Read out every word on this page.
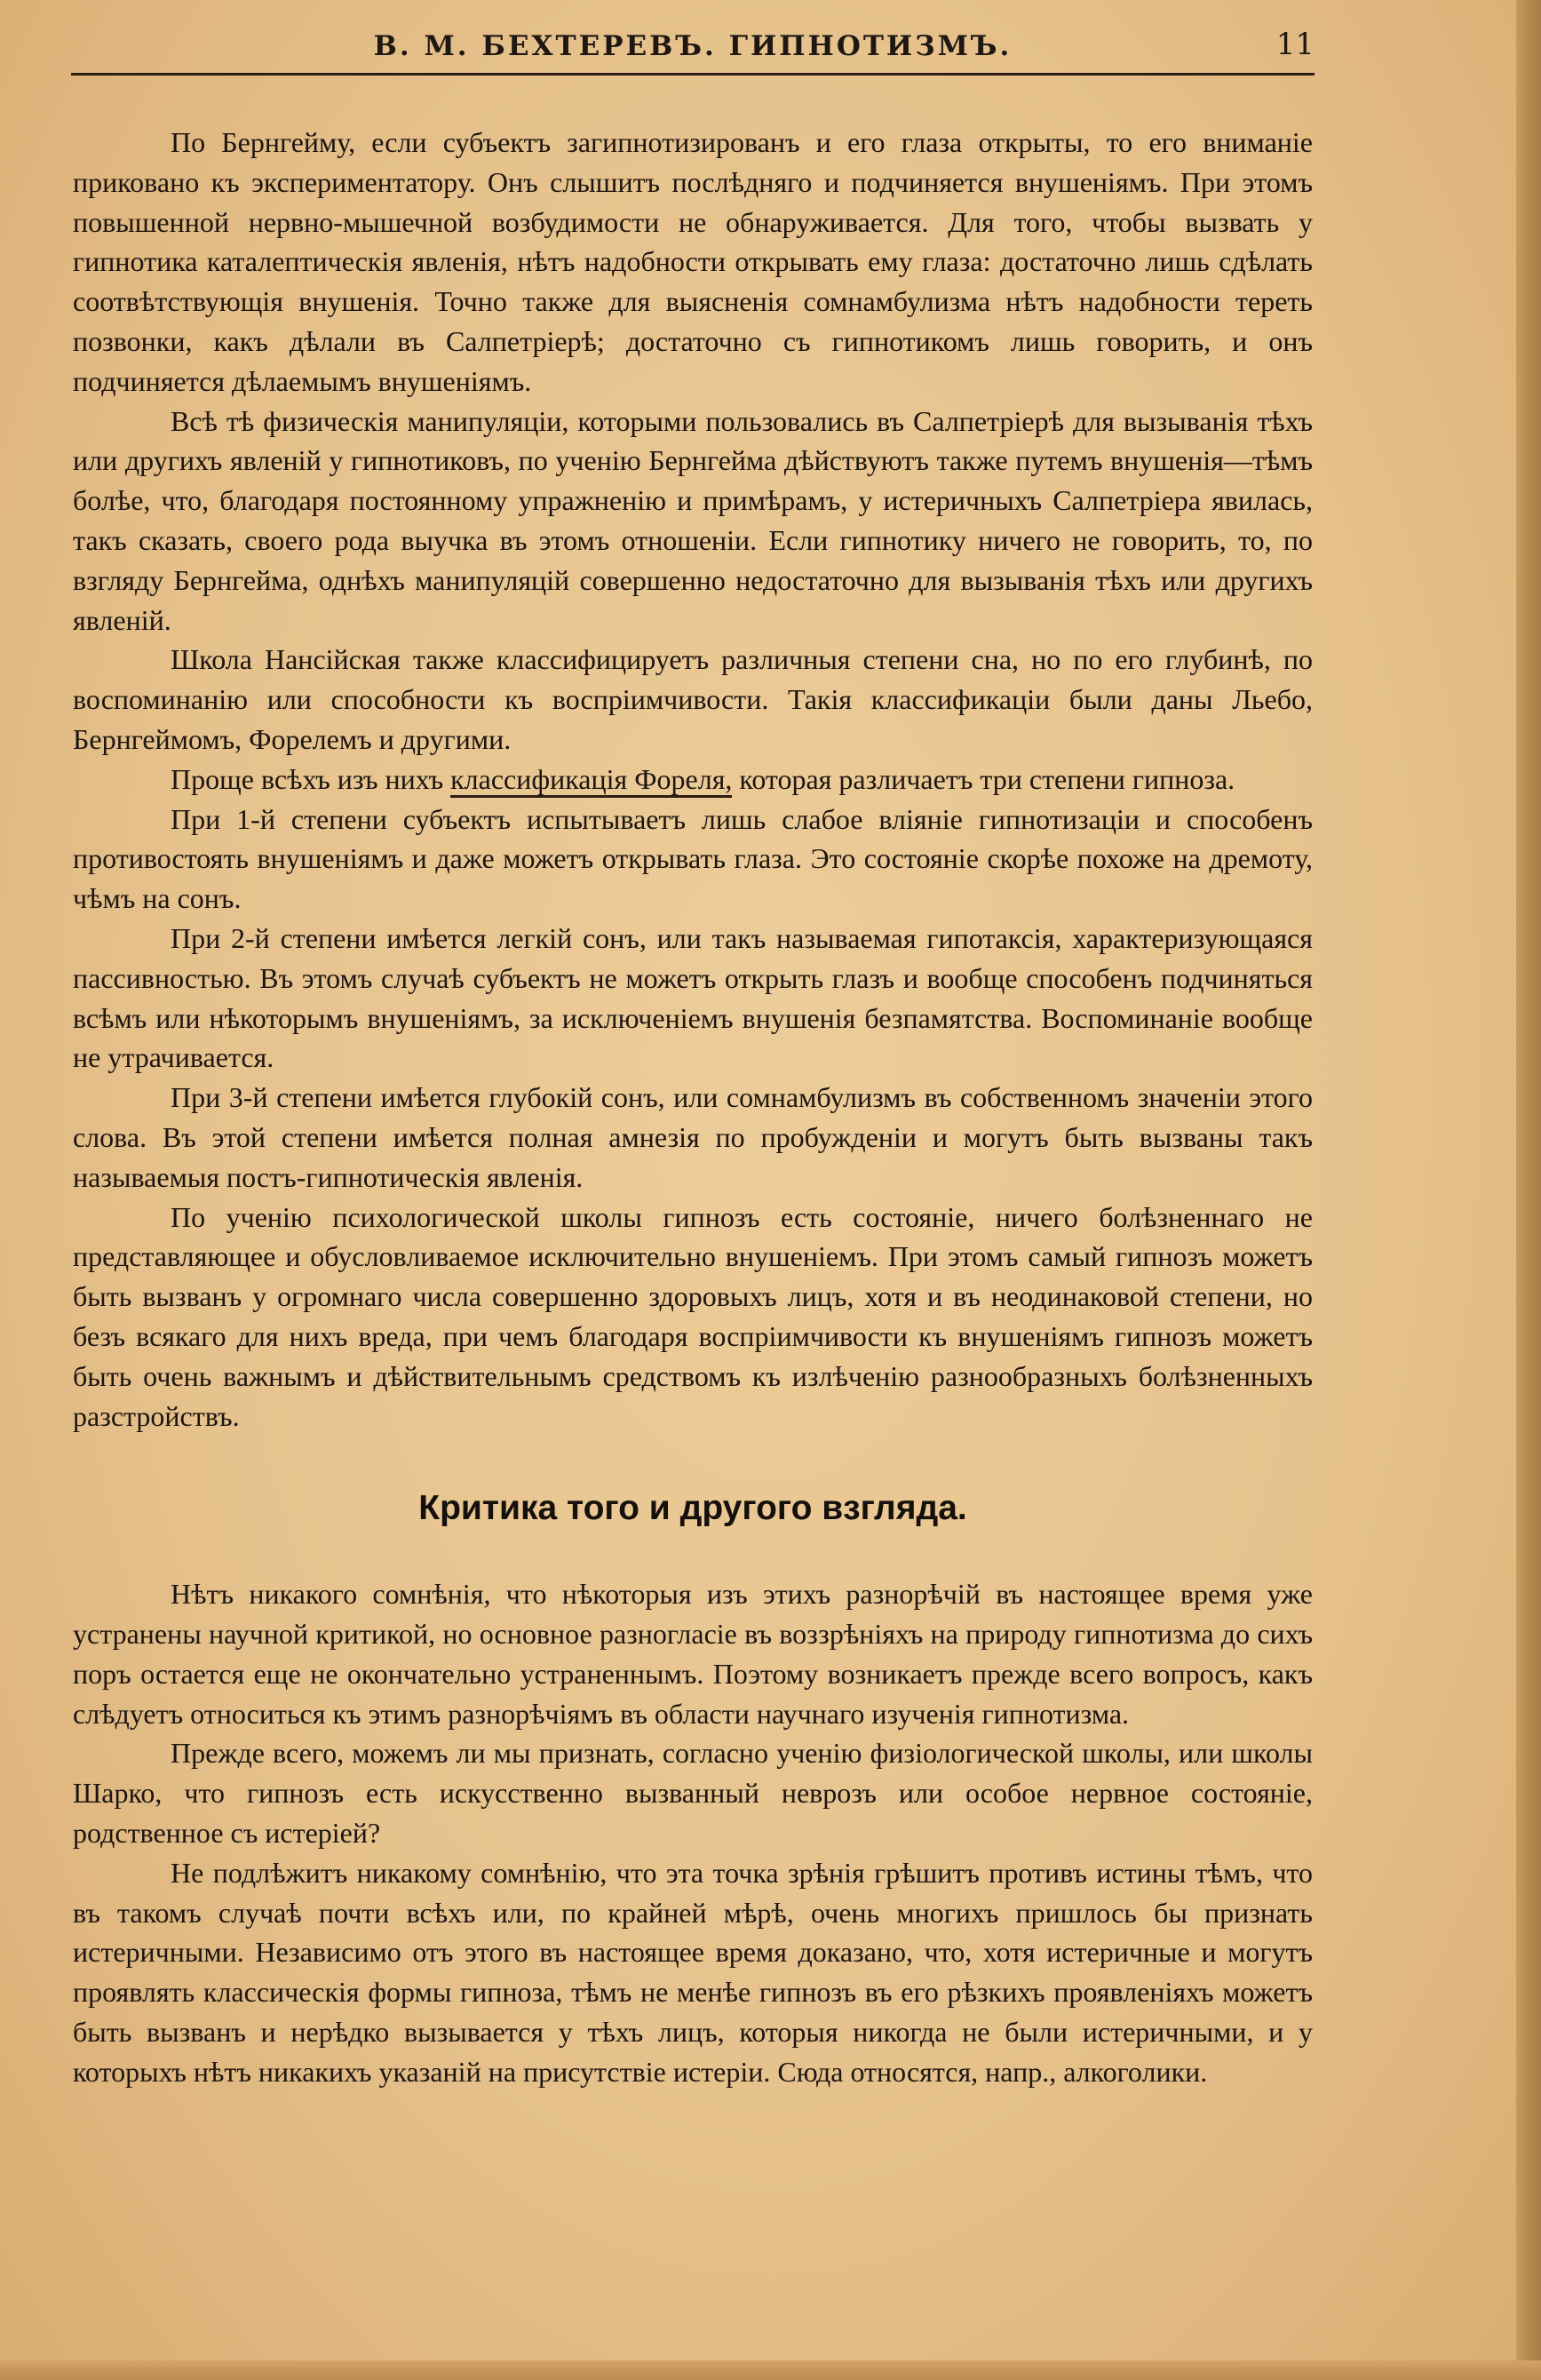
В. М. БЕХТЕРЕВЪ. ГИПНОТИЗМЪ.	11

По Бернгейму, если субъектъ загипнотизированъ и его глаза открыты, то его вниманіе приковано къ экспериментатору. Онъ слышитъ послѣдняго и подчиняется внушеніямъ. При этомъ повышенной нервно-мышечной возбудимости не обнаруживается. Для того, чтобы вызвать у гипнотика каталептическія явленія, нѣтъ надобности открывать ему глаза: достаточно лишь сдѣлать соотвѣтствующія внушенія. Точно также для выясненія сомнамбулизма нѣтъ надобности тереть позвонки, какъ дѣлали въ Салпетріерѣ; достаточно съ гипнотикомъ лишь говорить, и онъ подчиняется дѣлаемымъ внушеніямъ.

Всѣ тѣ физическія манипуляціи, которыми пользовались въ Салпетріерѣ для вызыванія тѣхъ или другихъ явленій у гипнотиковъ, по ученію Бернгейма дѣйствуютъ также путемъ внушенія—тѣмъ болѣе, что, благодаря постоянному упражненію и примѣрамъ, у истеричныхъ Салпетріера явилась, такъ сказать, своего рода выучка въ этомъ отношеніи. Если гипнотику ничего не говорить, то, по взгляду Бернгейма, однѣхъ манипуляцій совершенно недостаточно для вызыванія тѣхъ или другихъ явленій.

Школа Нансійская также классифицируетъ различныя степени сна, но по его глубинѣ, по воспоминанію или способности къ воспріимчивости. Такія классификаціи были даны Льебо, Бернгеймомъ, Форелемъ и другими.

Проще всѣхъ изъ нихъ классификація Фореля, которая различаетъ три степени гипноза.

При 1-й степени субъектъ испытываетъ лишь слабое вліяніе гипнотизаціи и способенъ противостоять внушеніямъ и даже можетъ открывать глаза. Это состояніе скорѣе похоже на дремоту, чѣмъ на сонъ.

При 2-й степени имѣется легкій сонъ, или такъ называемая гипотаксія, характеризующаяся пассивностью. Въ этомъ случаѣ субъектъ не можетъ открыть глазъ и вообще способенъ подчиняться всѣмъ или нѣкоторымъ внушеніямъ, за исключеніемъ внушенія безпамятства. Воспоминаніе вообще не утрачивается.

При 3-й степени имѣется глубокій сонъ, или сомнамбулизмъ въ собственномъ значеніи этого слова. Въ этой степени имѣется полная амнезія по пробужденіи и могутъ быть вызваны такъ называемыя постъ-гипнотическія явленія.

По ученію психологической школы гипнозъ есть состояніе, ничего болѣзненнаго не представляющее и обусловливаемое исключительно внушеніемъ. При этомъ самый гипнозъ можетъ быть вызванъ у огромнаго числа совершенно здоровыхъ лицъ, хотя и въ неодинаковой степени, но безъ всякаго для нихъ вреда, при чемъ благодаря воспріимчивости къ внушеніямъ гипнозъ можетъ быть очень важнымъ и дѣйствительнымъ средствомъ къ излѣченію разнообразныхъ болѣзненныхъ разстройствъ.

Критика того и другого взгляда.

Нѣтъ никакого сомнѣнія, что нѣкоторыя изъ этихъ разнорѣчій въ настоящее время уже устранены научной критикой, но основное разногласіе въ воззрѣніяхъ на природу гипнотизма до сихъ поръ остается еще не окончательно устраненнымъ. Поэтому возникаетъ прежде всего вопросъ, какъ слѣдуетъ относиться къ этимъ разнорѣчіямъ въ области научнаго изученія гипнотизма.

Прежде всего, можемъ ли мы признать, согласно ученію физіологической школы, или школы Шарко, что гипнозъ есть искусственно вызванный неврозъ или особое нервное состояніе, родственное съ истеріей?

Не подлѣжитъ никакому сомнѣнію, что эта точка зрѣнія грѣшитъ противъ истины тѣмъ, что въ такомъ случаѣ почти всѣхъ или, по крайней мѣрѣ, очень многихъ пришлось бы признать истеричными. Независимо отъ этого въ настоящее время доказано, что, хотя истеричные и могутъ проявлять классическія формы гипноза, тѣмъ не менѣе гипнозъ въ его рѣзкихъ проявленіяхъ можетъ быть вызванъ и нерѣдко вызывается у тѣхъ лицъ, которыя никогда не были истеричными, и у которыхъ нѣтъ никакихъ указаній на присутствіе истеріи. Сюда относятся, напр., алкоголики.
